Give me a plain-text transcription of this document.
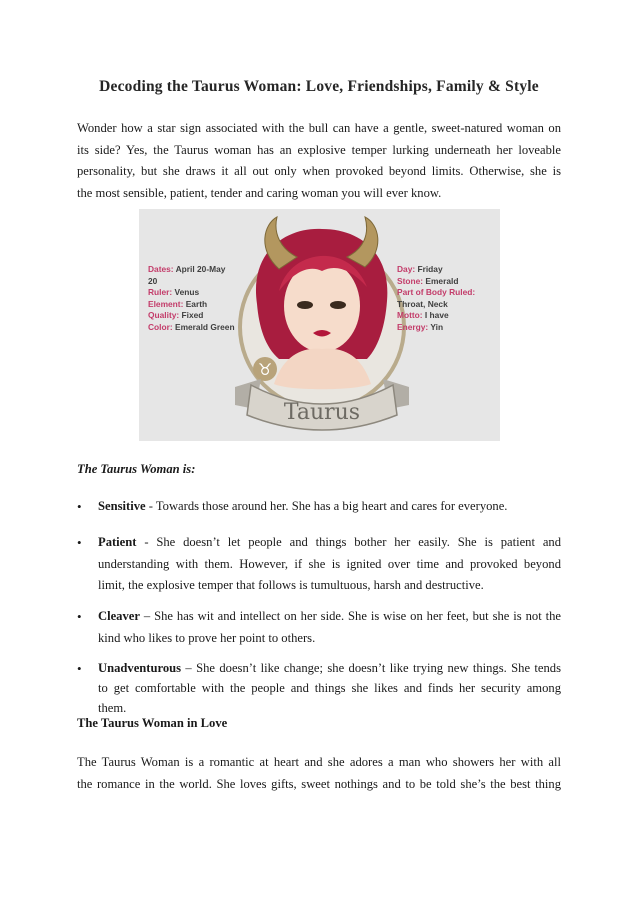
Decoding the Taurus Woman: Love, Friendships, Family & Style
Wonder how a star sign associated with the bull can have a gentle, sweet-natured woman on
its side? Yes, the Taurus woman has an explosive temper lurking underneath her loveable
personality, but she draws it all out only when provoked beyond limits. Otherwise, she is
the most sensible, patient, tender and caring woman you will ever know.
♉
Taurus
Dates: April 20-May
20
Ruler: Venus
Element: Earth
Quality: Fixed
Color: Emerald Green
Day: Friday
Stone: Emerald
Part of Body Ruled:
Throat, Neck
Motto: I have
Energy: Yin
The Taurus Woman is:
•	Sensitive - Towards those around her. She has a big heart and cares for everyone.
•	Patient - She doesn’t let people and things bother her easily. She is patient and
understanding with them. However, if she is ignited over time and provoked beyond
limit, the explosive temper that follows is tumultuous, harsh and destructive.
•	Cleaver – She has wit and intellect on her side. She is wise on her feet, but she is not the
kind who likes to prove her point to others.
•	Unadventurous – She doesn’t like change; she doesn’t like trying new things. She tends
to get comfortable with the people and things she likes and finds her security among
them.
The Taurus Woman in Love
The Taurus Woman is a romantic at heart and she adores a man who showers her with all
the romance in the world. She loves gifts, sweet nothings and to be told she’s the best thing
